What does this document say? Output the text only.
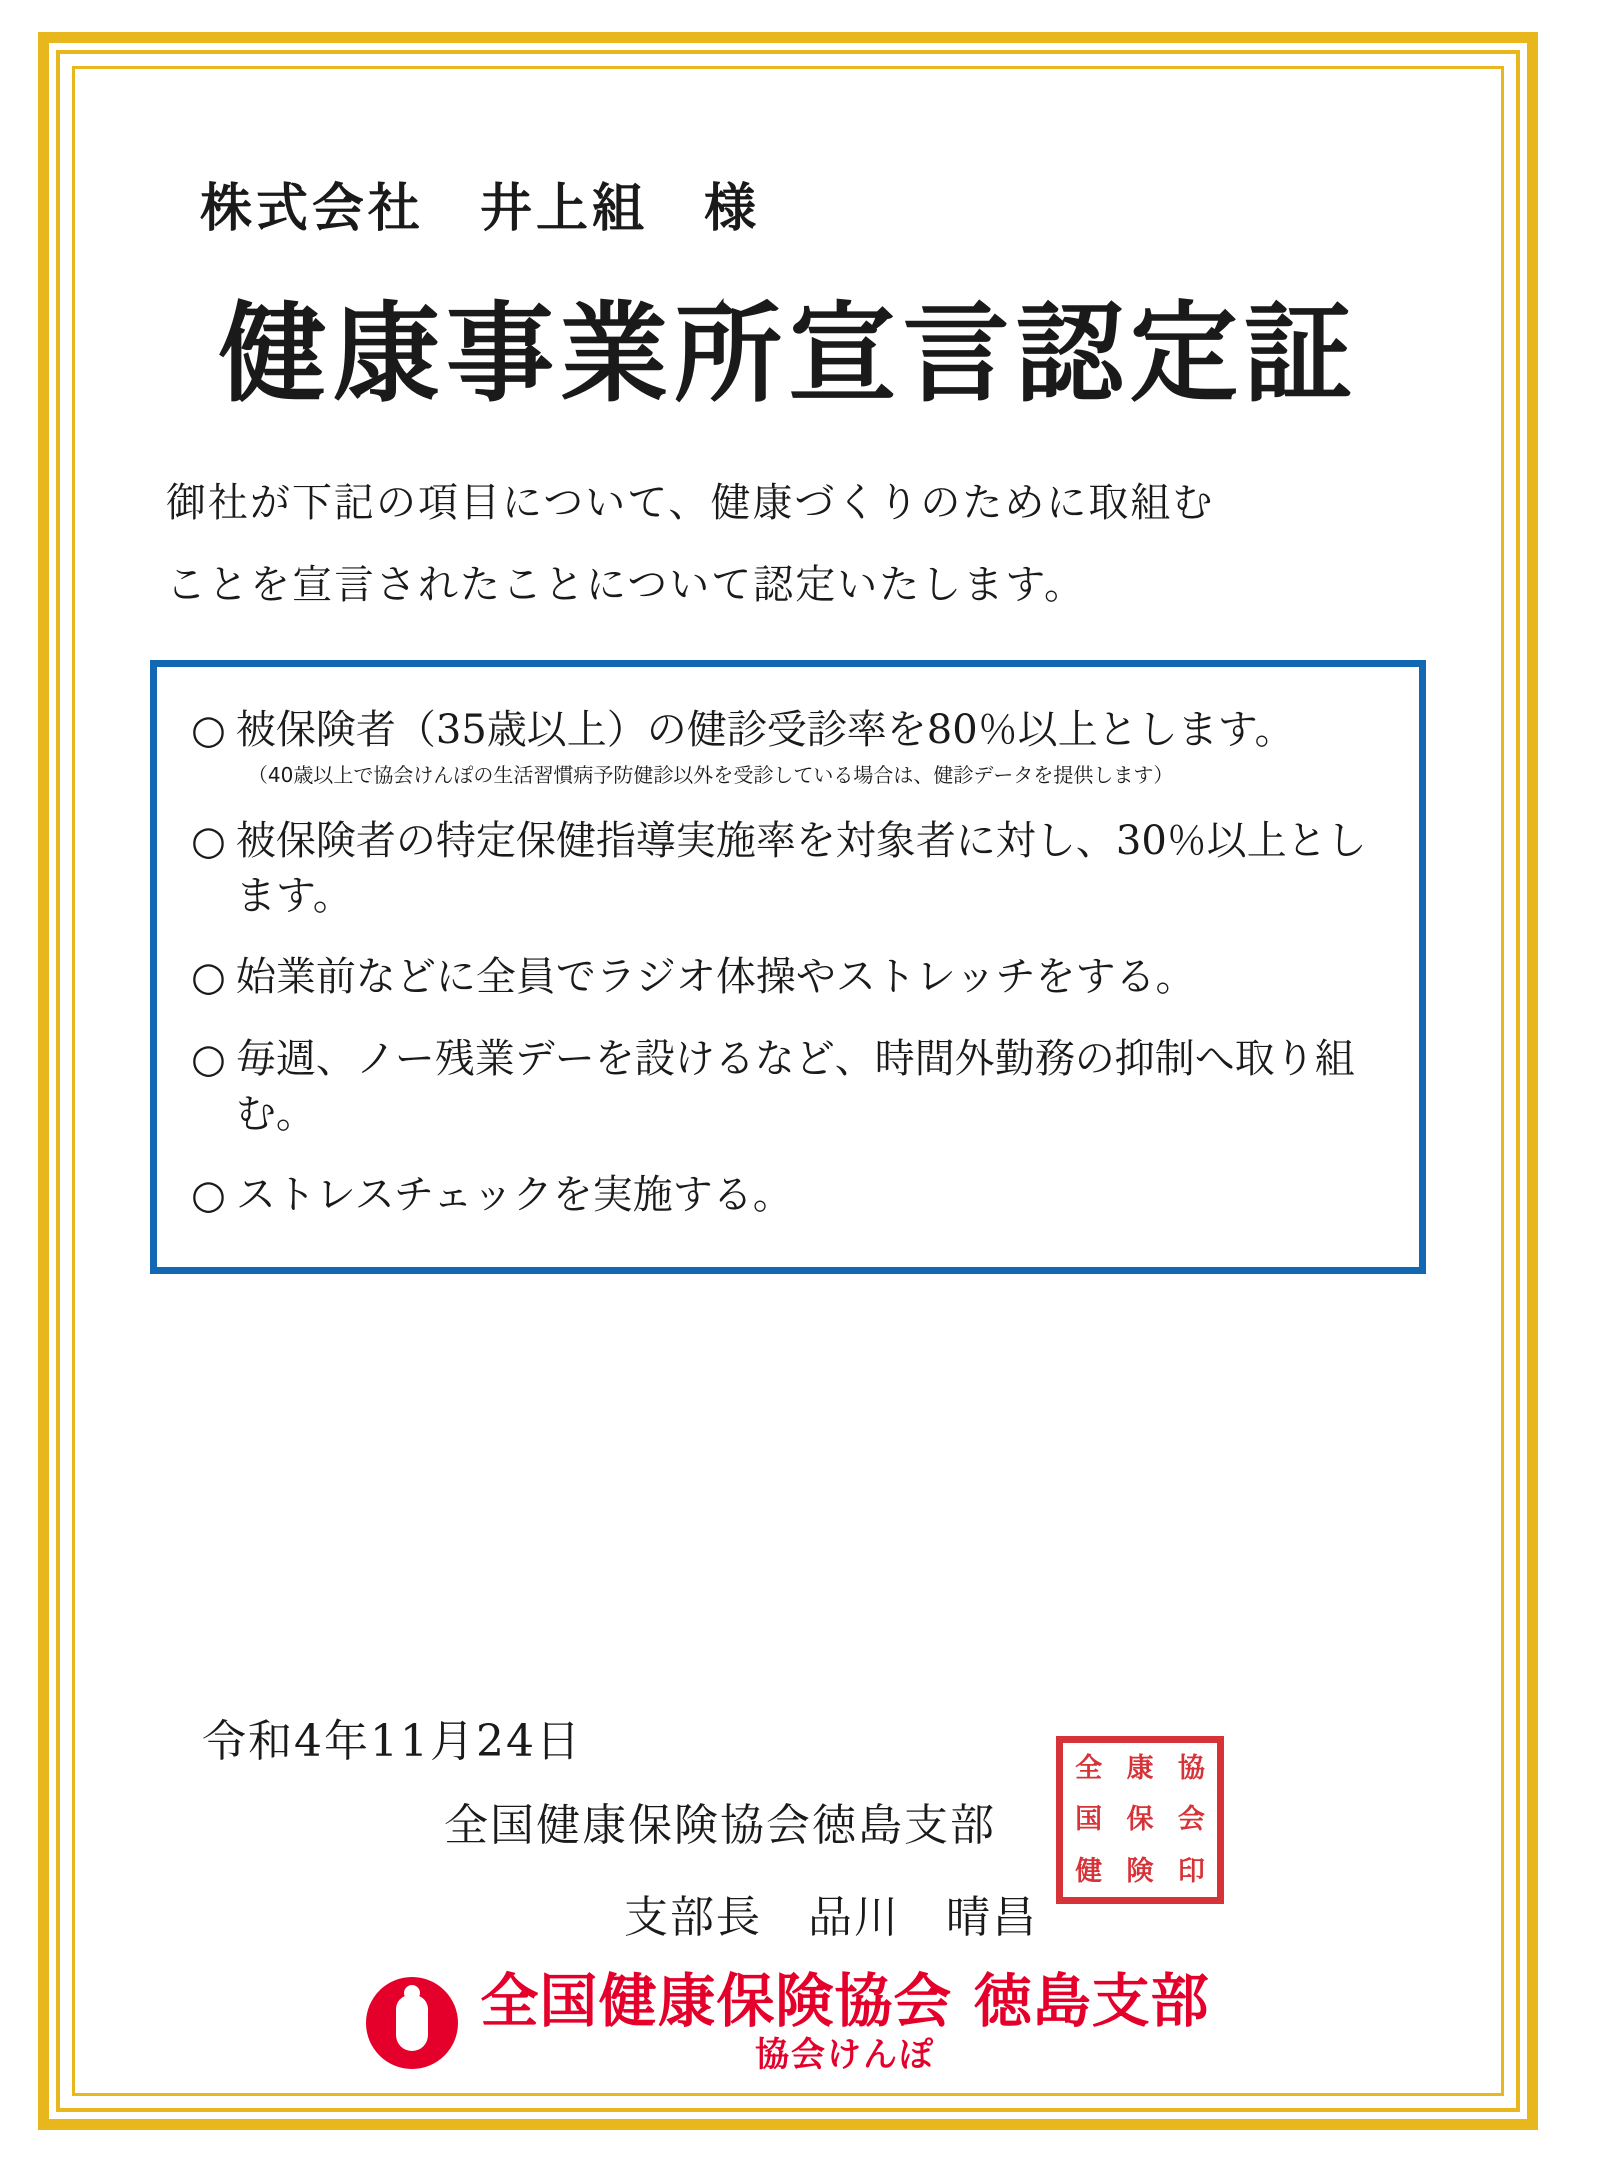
株式会社　井上組　様
健康事業所宣言認定証
御社が下記の項目について、健康づくりのために取組む
ことを宣言されたことについて認定いたします。
○ 被保険者（35歳以上）の健診受診率を80％以上とします。
（40歳以上で協会けんぽの生活習慣病予防健診以外を受診している場合は、健診データを提供します）
○ 被保険者の特定保健指導実施率を対象者に対し、30％以上とします。
○ 始業前などに全員でラジオ体操やストレッチをする。
○ 毎週、ノー残業デーを設けるなど、時間外勤務の抑制へ取り組む。
○ ストレスチェックを実施する。
令和4年11月24日
全国健康保険協会徳島支部
支部長　品川　晴昌
全 康 協
国 保 会
健 険 印
全国健康保険協会 徳島支部
協会けんぽ
